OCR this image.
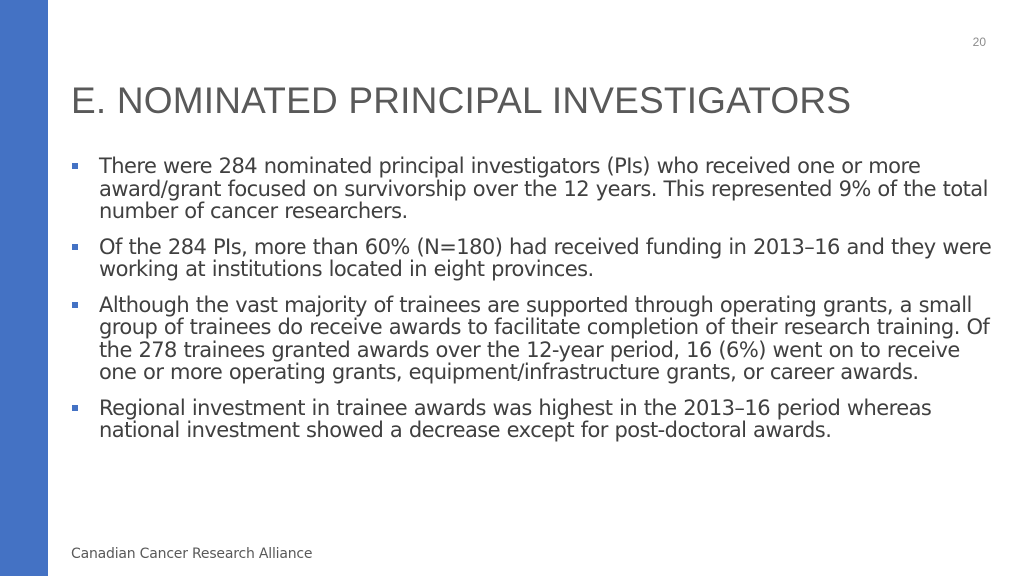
20
E. NOMINATED PRINCIPAL INVESTIGATORS
There were 284 nominated principal investigators (PIs) who received one or more award/grant focused on survivorship over the 12 years. This represented 9% of the total number of cancer researchers.
Of the 284 PIs, more than 60% (N=180) had received funding in 2013–16 and they were working at institutions located in eight provinces.
Although the vast majority of trainees are supported through operating grants, a small group of trainees do receive awards to facilitate completion of their research training. Of the 278 trainees granted awards over the 12-year period, 16 (6%) went on to receive one or more operating grants, equipment/infrastructure grants, or career awards.
Regional investment in trainee awards was highest in the 2013–16 period whereas national investment showed a decrease except for post-doctoral awards.
Canadian Cancer Research Alliance
